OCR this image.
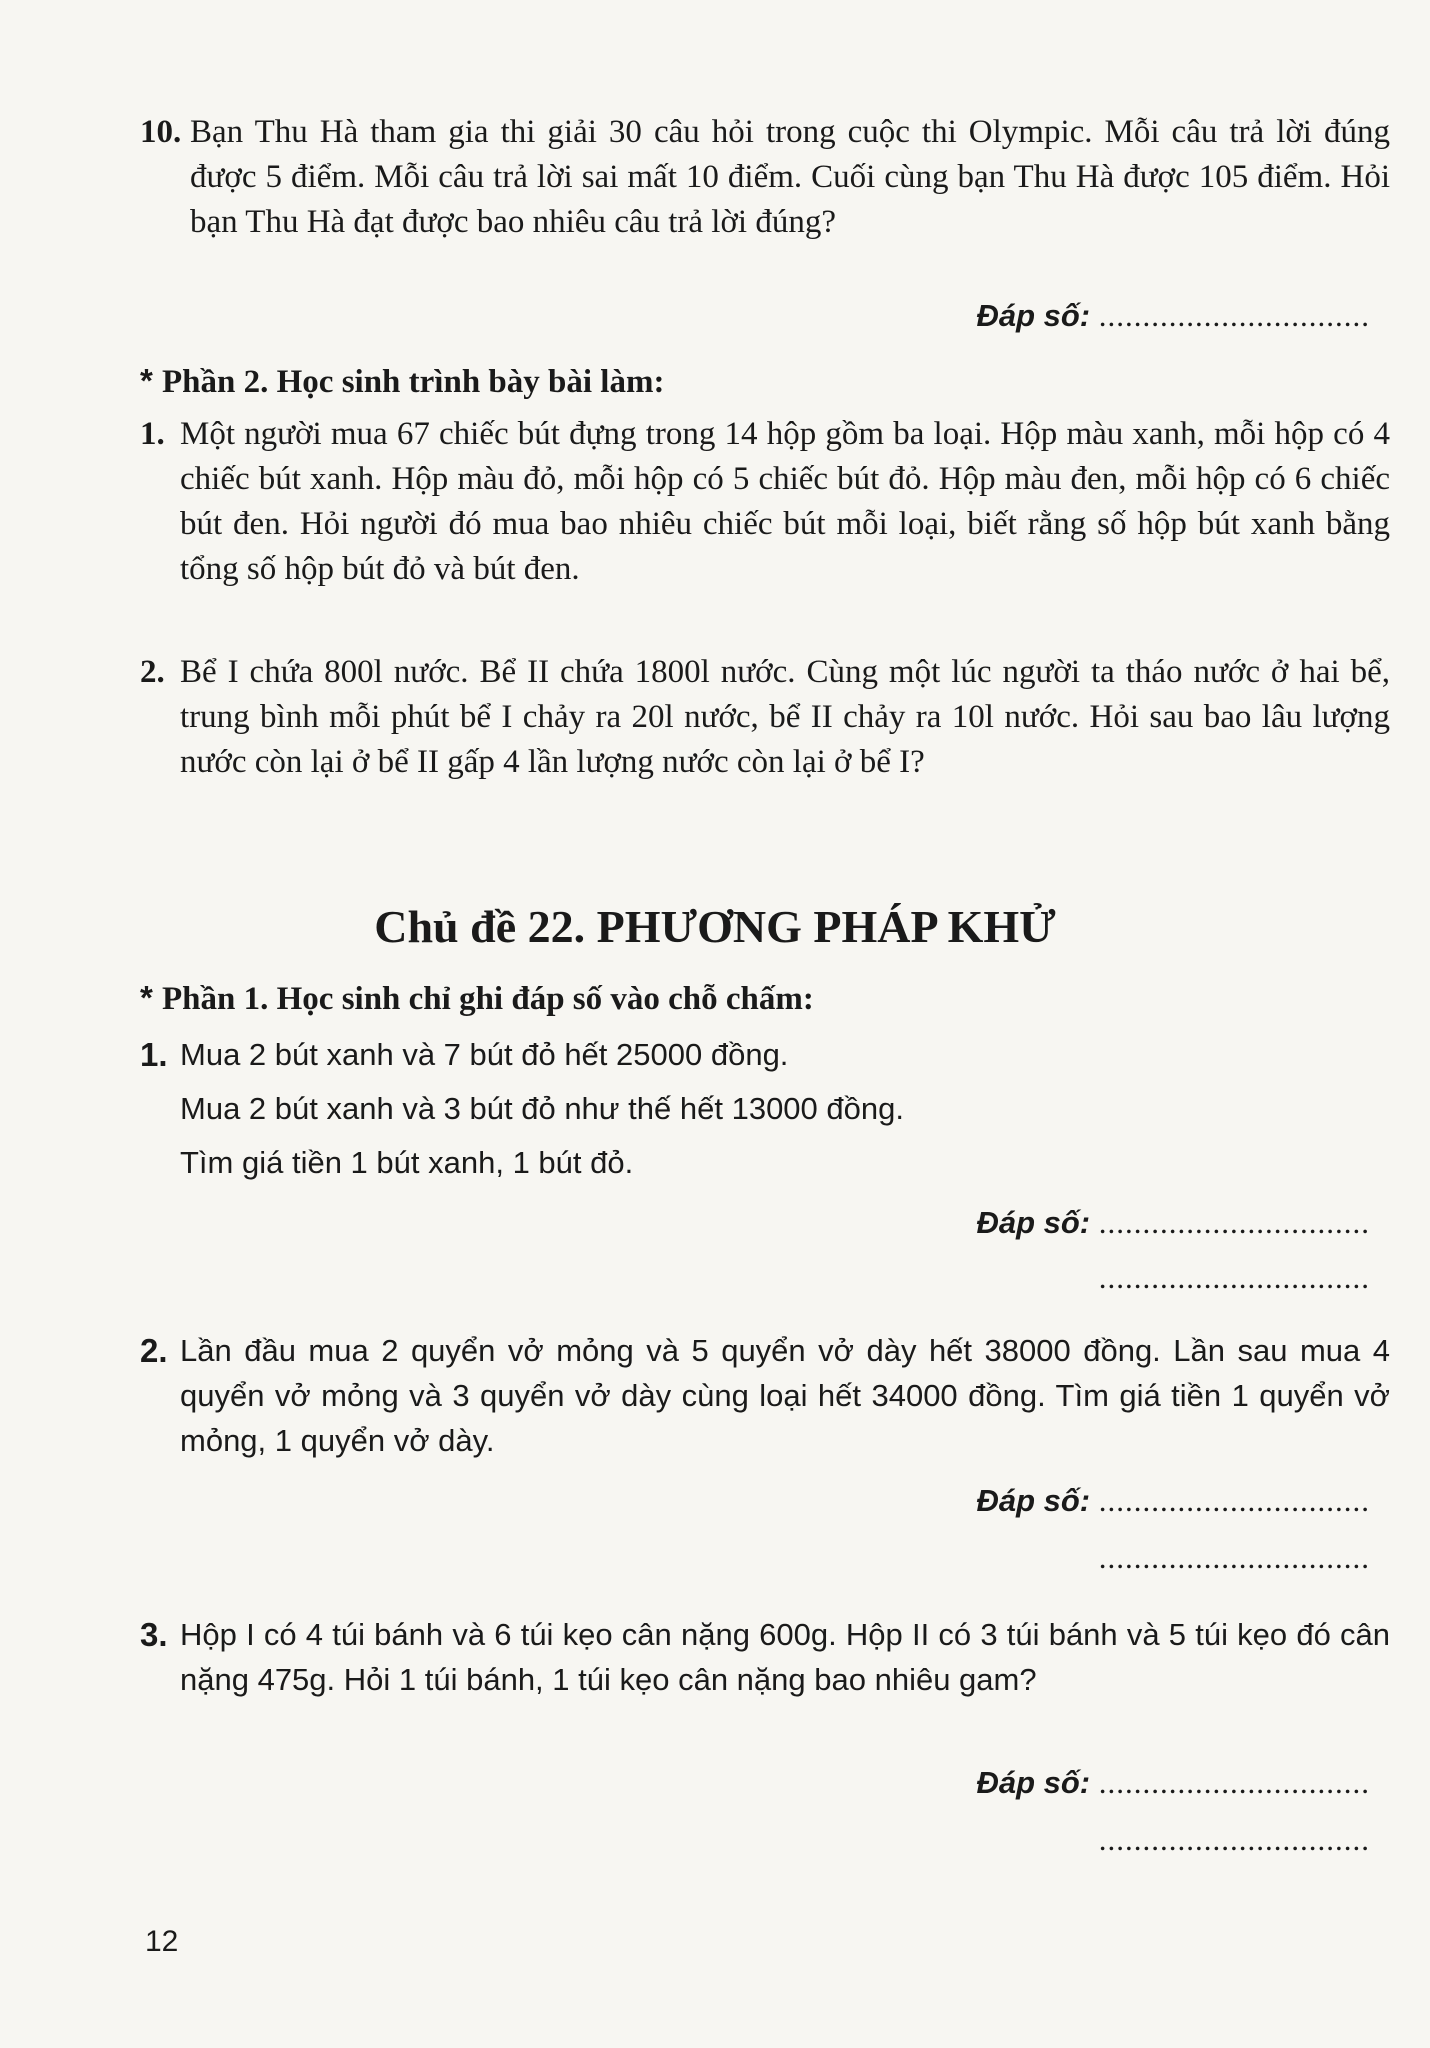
10. Bạn Thu Hà tham gia thi giải 30 câu hỏi trong cuộc thi Olympic. Mỗi câu trả lời đúng được 5 điểm. Mỗi câu trả lời sai mất 10 điểm. Cuối cùng bạn Thu Hà được 105 điểm. Hỏi bạn Thu Hà đạt được bao nhiêu câu trả lời đúng?

Đáp số: ...............................
* Phần 2. Học sinh trình bày bài làm:
1. Một người mua 67 chiếc bút đựng trong 14 hộp gồm ba loại. Hộp màu xanh, mỗi hộp có 4 chiếc bút xanh. Hộp màu đỏ, mỗi hộp có 5 chiếc bút đỏ. Hộp màu đen, mỗi hộp có 6 chiếc bút đen. Hỏi người đó mua bao nhiêu chiếc bút mỗi loại, biết rằng số hộp bút xanh bằng tổng số hộp bút đỏ và bút đen.

2. Bể I chứa 800l nước. Bể II chứa 1800l nước. Cùng một lúc người ta tháo nước ở hai bể, trung bình mỗi phút bể I chảy ra 20l nước, bể II chảy ra 10l nước. Hỏi sau bao lâu lượng nước còn lại ở bể II gấp 4 lần lượng nước còn lại ở bể I?

Chủ đề 22. PHƯƠNG PHÁP KHỬ
* Phần 1. Học sinh chỉ ghi đáp số vào chỗ chấm:
1. Mua 2 bút xanh và 7 bút đỏ hết 25000 đồng.

Mua 2 bút xanh và 3 bút đỏ như thế hết 13000 đồng.

Tìm giá tiền 1 bút xanh, 1 bút đỏ.

Đáp số: ...............................
...............................
2. Lần đầu mua 2 quyển vở mỏng và 5 quyển vở dày hết 38000 đồng. Lần sau mua 4 quyển vở mỏng và 3 quyển vở dày cùng loại hết 34000 đồng. Tìm giá tiền 1 quyển vở mỏng, 1 quyển vở dày.

Đáp số: ...............................
...............................
3. Hộp I có 4 túi bánh và 6 túi kẹo cân nặng 600g. Hộp II có 3 túi bánh và 5 túi kẹo đó cân nặng 475g. Hỏi 1 túi bánh, 1 túi kẹo cân nặng bao nhiêu gam?

Đáp số: ...............................
...............................
12
